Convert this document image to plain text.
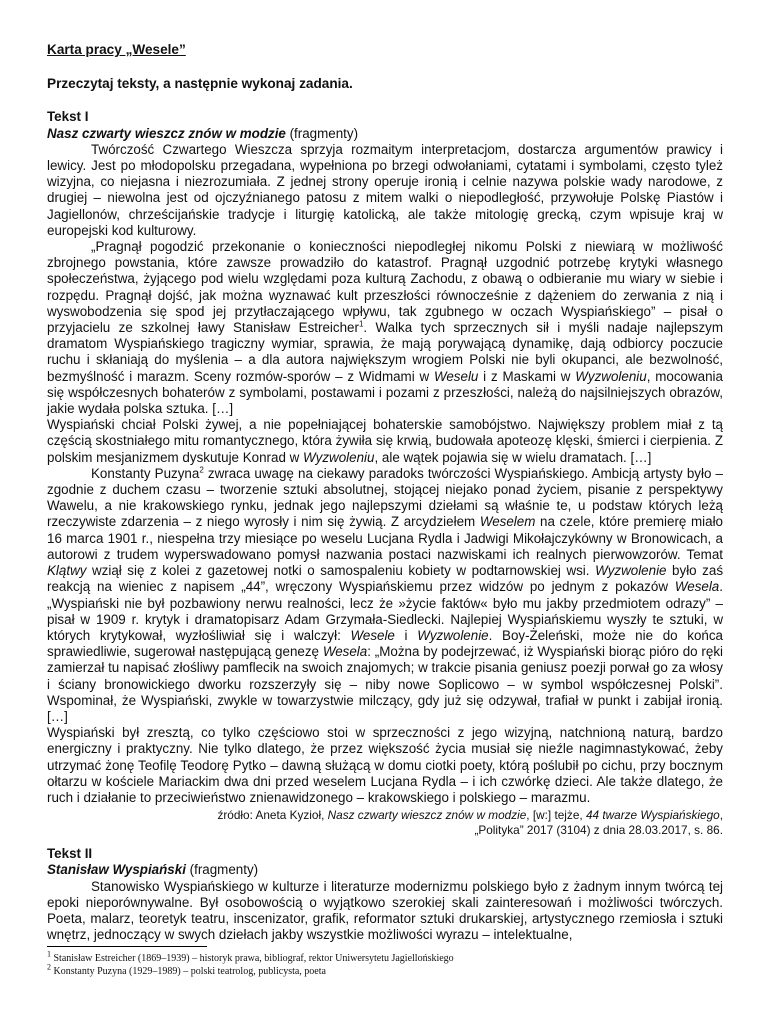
Karta pracy „Wesele”
Przeczytaj teksty, a następnie wykonaj zadania.
Tekst I
Nasz czwarty wieszcz znów w modzie (fragmenty)

Twórczość Czwartego Wieszcza sprzyja rozmaitym interpretacjom, dostarcza argumentów prawicy i lewicy. Jest po młodopolsku przegadana, wypełniona po brzegi odwołaniami, cytatami i symbolami, często tyleż wizyjna, co niejasna i niezrozumiała. Z jednej strony operuje ironią i celnie nazywa polskie wady narodowe, z drugiej – niewolna jest od ojczyźnianego patosu z mitem walki o niepodległość, przywołuje Polskę Piastów i Jagiellonów, chrześcijańskie tradycje i liturgię katolicką, ale także mitologię grecką, czym wpisuje kraj w europejski kod kulturowy.

„Pragnął pogodzić przekonanie o konieczności niepodległej nikomu Polski z niewiarą w możliwość zbrojnego powstania, które zawsze prowadziło do katastrof. Pragnął uzgodnić potrzebę krytyki własnego społeczeństwa, żyjącego pod wielu względami poza kulturą Zachodu, z obawą o odbieranie mu wiary w siebie i rozpędu. Pragnął dojść, jak można wyznawać kult przeszłości równocześnie z dążeniem do zerwania z nią i wyswobodzenia się spod jej przytłaczającego wpływu, tak zgubnego w oczach Wyspiańskiego” – pisał o przyjacielu ze szkolnej ławy Stanisław Estreicher$^1$. Walka tych sprzecznych sił i myśli nadaje najlepszym dramatom Wyspiańskiego tragiczny wymiar, sprawia, że mają porywającą dynamikę, dają odbiorcy poczucie ruchu i skłaniają do myślenia – a dla autora największym wrogiem Polski nie byli okupanci, ale bezwolność, bezmyślność i marazm. Sceny rozmów-sporów – z Widmami w Weselu i z Maskami w Wyzwoleniu, mocowania się współczesnych bohaterów z symbolami, postawami i pozami z przeszłości, należą do najsilniejszych obrazów, jakie wydała polska sztuka. […]

Wyspiański chciał Polski żywej, a nie popełniającej bohaterskie samobójstwo. Największy problem miał z tą częścią skostniałego mitu romantycznego, która żywiła się krwią, budowała apoteozę klęski, śmierci i cierpienia. Z polskim mesjanizmem dyskutuje Konrad w Wyzwoleniu, ale wątek pojawia się w wielu dramatach. […]

Konstanty Puzyna$^2$ zwraca uwagę na ciekawy paradoks twórczości Wyspiańskiego. Ambicją artysty było – zgodnie z duchem czasu – tworzenie sztuki absolutnej, stojącej niejako ponad życiem, pisanie z perspektywy Wawelu, a nie krakowskiego rynku, jednak jego najlepszymi dziełami są właśnie te, u podstaw których leżą rzeczywiste zdarzenia – z niego wyrosły i nim się żywią. Z arcydziełem Weselem na czele, które premierę miało 16 marca 1901 r., niespełna trzy miesiące po weselu Lucjana Rydla i Jadwigi Mikołajczykówny w Bronowicach, a autorowi z trudem wyperswadowano pomysł nazwania postaci nazwiskami ich realnych pierwowzorów. Temat Klątwy wziął się z kolei z gazetowej notki o samospaleniu kobiety w podtarnowskiej wsi. Wyzwolenie było zaś reakcją na wieniec z napisem „44”, wręczony Wyspiańskiemu przez widzów po jednym z pokazów Wesela. „Wyspiański nie był pozbawiony nerwu realności, lecz że »życie faktów« było mu jakby przedmiotem odrazy” – pisał w 1909 r. krytyk i dramatopisarz Adam Grzymała-Siedlecki. Najlepiej Wyspiańskiemu wyszły te sztuki, w których krytykował, wyzłośliwiał się i walczył: Wesele i Wyzwolenie. Boy-Żeleński, może nie do końca sprawiedliwie, sugerował następującą genezę Wesela: „Można by podejrzewać, iż Wyspiański biorąc pióro do ręki zamierzał tu napisać złośliwy pamflecik na swoich znajomych; w trakcie pisania geniusz poezji porwał go za włosy i ściany bronowickiego dworku rozszerzyły się – niby nowe Soplicowo – w symbol współczesnej Polski”. Wspominał, że Wyspiański, zwykle w towarzystwie milczący, gdy już się odzywał, trafiał w punkt i zabijał ironią. […]

Wyspiański był zresztą, co tylko częściowo stoi w sprzeczności z jego wizyjną, natchnioną naturą, bardzo energiczny i praktyczny. Nie tylko dlatego, że przez większość życia musiał się nieźle nagimnastykować, żeby utrzymać żonę Teofilę Teodorę Pytko – dawną służącą w domu ciotki poety, którą poślubił po cichu, przy bocznym ołtarzu w kościele Mariackim dwa dni przed weselem Lucjana Rydla – i ich czwórkę dzieci. Ale także dlatego, że ruch i działanie to przeciwieństwo znienawidzonego – krakowskiego i polskiego – marazmu.

źródło: Aneta Kyzioł, Nasz czwarty wieszcz znów w modzie, [w:] tejże, 44 twarze Wyspiańskiego,
„Polityka” 2017 (3104) z dnia 28.03.2017, s. 86.
Tekst II
Stanisław Wyspiański (fragmenty)

Stanowisko Wyspiańskiego w kulturze i literaturze modernizmu polskiego było z żadnym innym twórcą tej epoki nieporównywalne. Był osobowością o wyjątkowo szerokiej skali zainteresowań i możliwości twórczych. Poeta, malarz, teoretyk teatru, inscenizator, grafik, reformator sztuki drukarskiej, artystycznego rzemiosła i sztuki wnętrz, jednoczący w swych dziełach jakby wszystkie możliwości wyrazu – intelektualne,

$^1$ Stanisław Estreicher (1869–1939) – historyk prawa, bibliograf, rektor Uniwersytetu Jagiellońskiego
$^2$ Konstanty Puzyna (1929–1989) – polski teatrolog, publicysta, poeta
